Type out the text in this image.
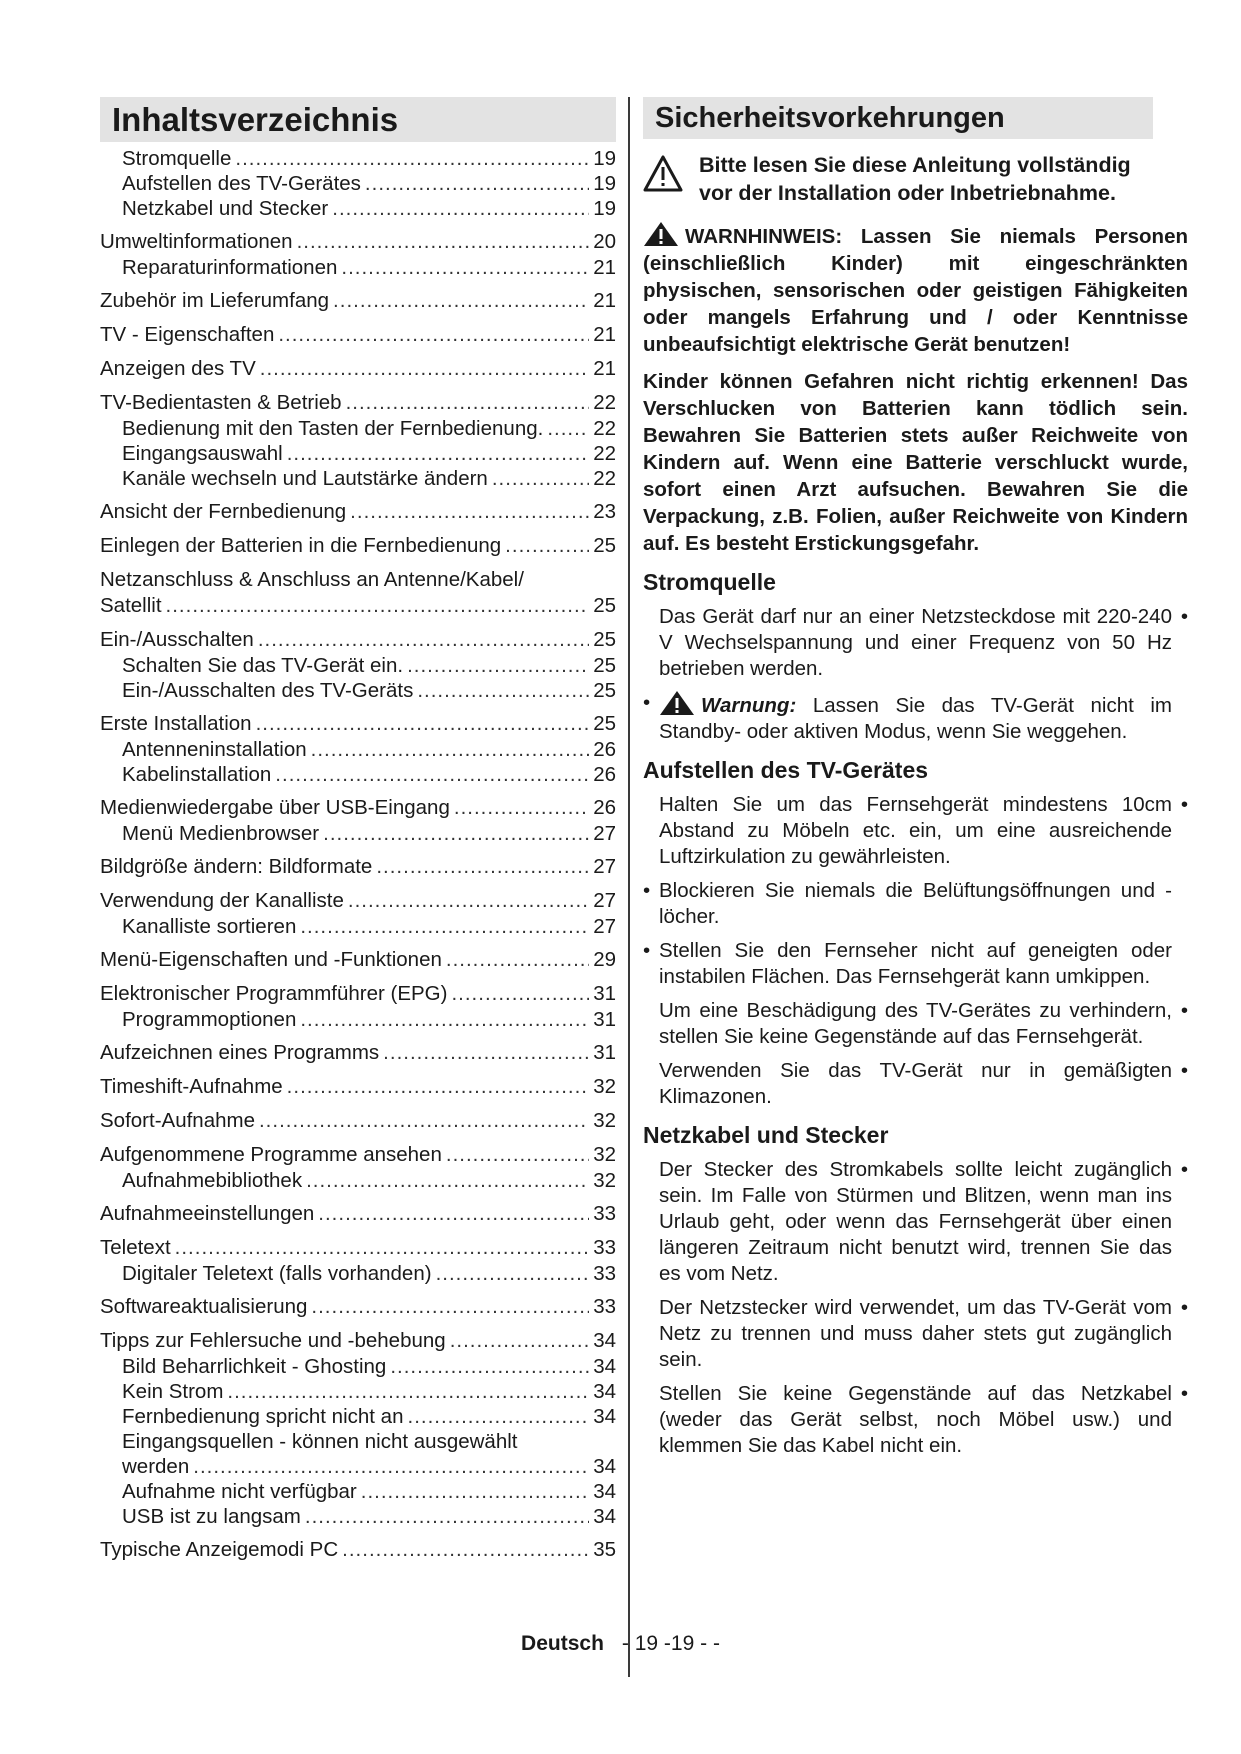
Inhaltsverzeichnis
Stromquelle .....	19
Aufstellen des TV-Gerätes .....	19
Netzkabel und Stecker .....	19
Umweltinformationen .....	20
Reparaturinformationen .....	21
Zubehör im Lieferumfang .....	21
TV - Eigenschaften .....	21
Anzeigen des TV .....	21
TV-Bedientasten & Betrieb .....	22
Bedienung mit den Tasten der Fernbedienung. ..... 22
Eingangsauswahl .....	22
Kanäle wechseln und Lautstärke ändern .....	22
Ansicht der Fernbedienung .....	23
Einlegen der Batterien in die Fernbedienung .....	25
Netzanschluss & Anschluss an Antenne/Kabel/
Satellit .....	25
Ein-/Ausschalten .....	25
Schalten Sie das TV-Gerät ein. .....	25
Ein-/Ausschalten des TV-Geräts .....	25
Erste Installation .....	25
Antenneninstallation .....	26
Kabelinstallation .....	26
Medienwiedergabe über USB-Eingang .....	26
Menü Medienbrowser .....	27
Bildgröße ändern: Bildformate .....	27
Verwendung der Kanalliste .....	27
Kanalliste sortieren .....	27
Menü-Eigenschaften und -Funktionen .....	29
Elektronischer Programmführer (EPG) .....	31
Programmoptionen .....	31
Aufzeichnen eines Programms .....	31
Timeshift-Aufnahme .....	32
Sofort-Aufnahme .....	32
Aufgenommene Programme ansehen .....	32
Aufnahmebibliothek .....	32
Aufnahmeeinstellungen .....	33
Teletext .....	33
Digitaler Teletext (falls vorhanden) .....	33
Softwareaktualisierung .....	33
Tipps zur Fehlersuche und -behebung .....	34
Bild Beharrlichkeit - Ghosting .....	34
Kein Strom .....	34
Fernbedienung spricht nicht an .....	34
Eingangsquellen - können nicht ausgewählt
werden .....	34
Aufnahme nicht verfügbar .....	34
USB ist zu langsam .....	34
Typische Anzeigemodi PC .....	35
Sicherheitsvorkehrungen
Bitte lesen Sie diese Anleitung vollständig
vor der Installation oder Inbetriebnahme.
WARNHINWEIS: Lassen Sie niemals Personen (einschließlich Kinder) mit eingeschränkten physischen, sensorischen oder geistigen Fähigkeiten oder mangels Erfahrung und / oder Kenntnisse unbeaufsichtigt elektrische Gerät benutzen!
Kinder können Gefahren nicht richtig erkennen! Das Verschlucken von Batterien kann tödlich sein. Bewahren Sie Batterien stets außer Reichweite von Kindern auf. Wenn eine Batterie verschluckt wurde, sofort einen Arzt aufsuchen. Bewahren Sie die Verpackung, z.B. Folien, außer Reichweite von Kindern auf. Es besteht Erstickungsgefahr.
Stromquelle
Das Gerät darf nur an einer Netzsteckdose mit 220-240 V Wechselspannung und einer Frequenz von 50 Hz betrieben werden.
•
•	Warnung: Lassen Sie das TV-Gerät nicht im Standby- oder aktiven Modus, wenn Sie weggehen.
Aufstellen des TV-Gerätes
Halten Sie um das Fernsehgerät mindestens 10cm Abstand zu Möbeln etc. ein, um eine ausreichende Luftzirkulation zu gewährleisten.
•
• Blockieren Sie niemals die Belüftungsöffnungen und -löcher.
• Stellen Sie den Fernseher nicht auf geneigten oder instabilen Flächen. Das Fernsehgerät kann umkippen.
Um eine Beschädigung des TV-Gerätes zu verhindern, stellen Sie keine Gegenstände auf das Fernsehgerät.
•
Verwenden Sie das TV-Gerät nur in gemäßigten Klimazonen.
•
Netzkabel und Stecker
Der Stecker des Stromkabels sollte leicht zugänglich sein. Im Falle von Stürmen und Blitzen, wenn man ins Urlaub geht, oder wenn das Fernsehgerät über einen längeren Zeitraum nicht benutzt wird, trennen Sie das es vom Netz.
•
Der Netzstecker wird verwendet, um das TV-Gerät vom Netz zu trennen und muss daher stets gut zugänglich sein.
•
Stellen Sie keine Gegenstände auf das Netzkabel (weder das Gerät selbst, noch Möbel usw.) und klemmen Sie das Kabel nicht ein.
•
Deutsch - 19 -19 - -
